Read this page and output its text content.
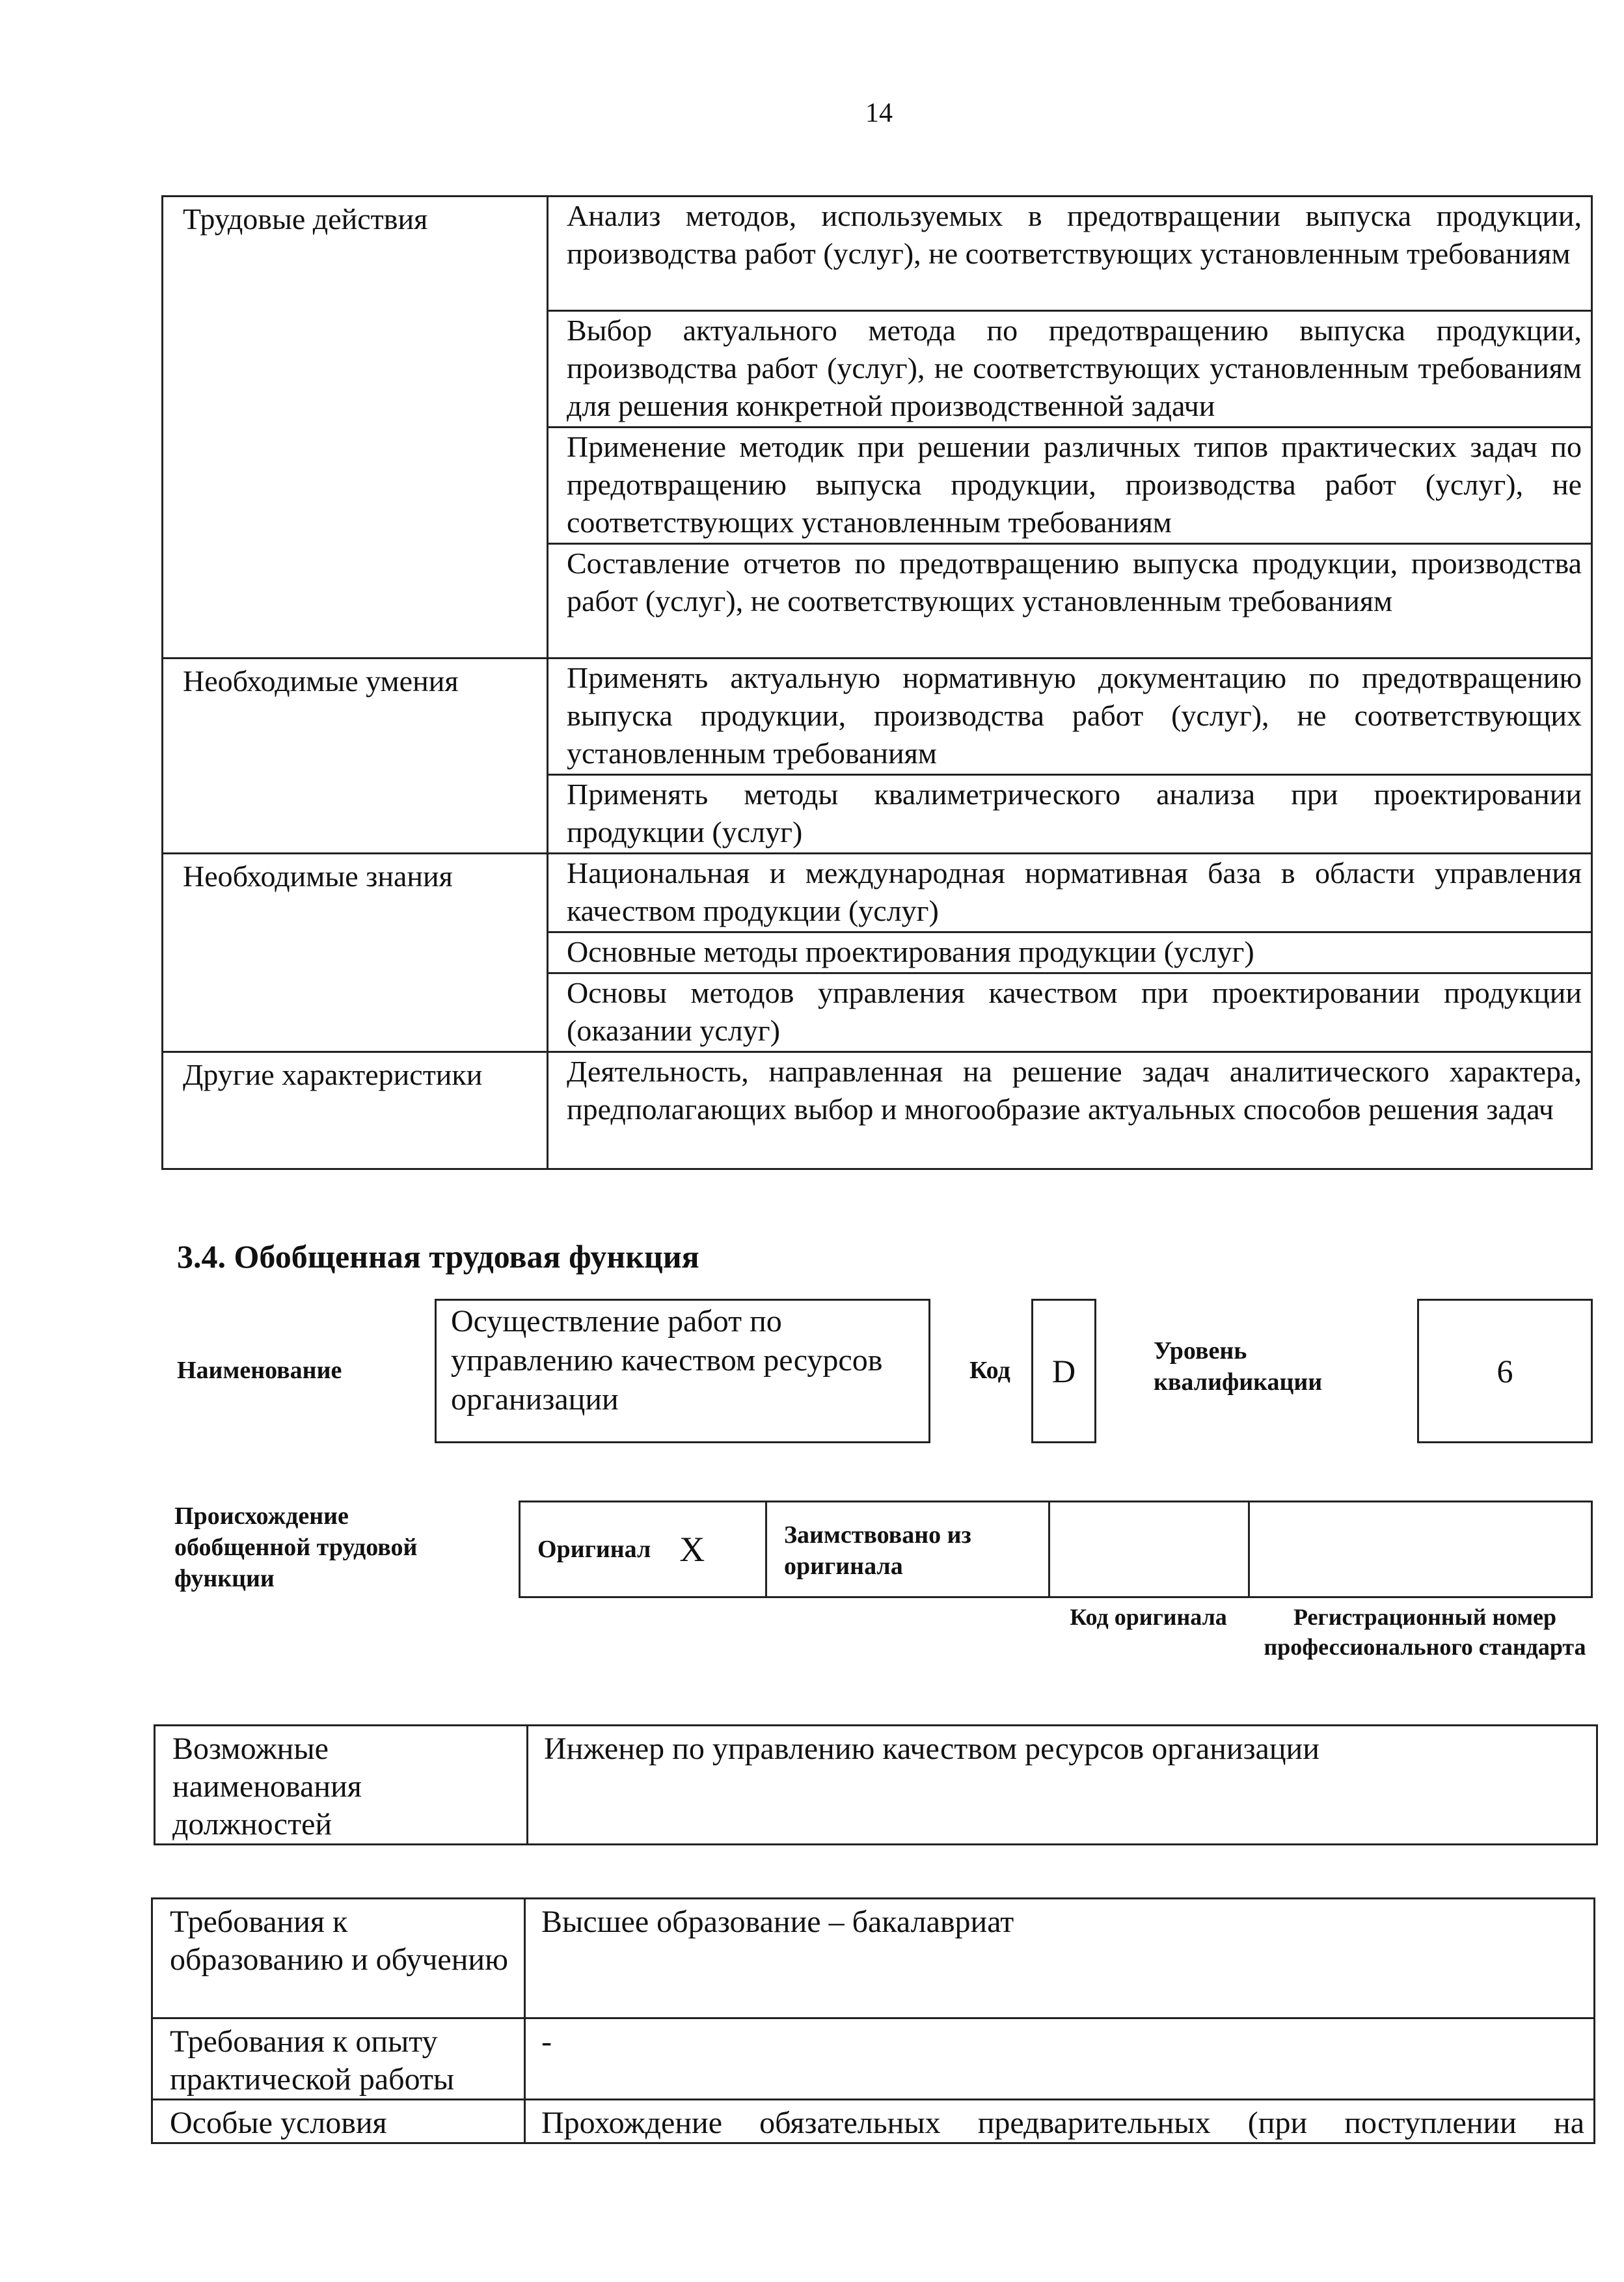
14
Трудовые действия	Анализ методов, используемых в предотвращении выпуска продукции, производства работ (услуг), не соответствующих установленным требованиям
	Выбор актуального метода по предотвращению выпуска продукции, производства работ (услуг), не соответствующих установленным требованиям для решения конкретной производственной задачи
	Применение методик при решении различных типов практических задач по предотвращению выпуска продукции, производства работ (услуг), не соответствующих установленным требованиям
	Составление отчетов по предотвращению выпуска продукции, производства работ (услуг), не соответствующих установленным требованиям
Необходимые умения	Применять актуальную нормативную документацию по предотвращению выпуска продукции, производства работ (услуг), не соответствующих установленным требованиям
	Применять методы квалиметрического анализа при проектировании продукции (услуг)
Необходимые знания	Национальная и международная нормативная база в области управления качеством продукции (услуг)
	Основные методы проектирования продукции (услуг)
	Основы методов управления качеством при проектировании продукции (оказании услуг)
Другие характеристики	Деятельность, направленная на решение задач аналитического характера, предполагающих выбор и многообразие актуальных способов решения задач
3.4. Обобщенная трудовая функция
Наименование
Осуществление работ по управлению качеством ресурсов организации
Код	D
Уровень квалификации	6
Происхождение обобщенной трудовой функции
Оригинал X	Заимствовано из оригинала
Код оригинала	Регистрационный номер профессионального стандарта
Возможные наименования должностей	Инженер по управлению качеством ресурсов организации
Требования к образованию и обучению	Высшее образование – бакалавриат
Требования к опыту практической работы	-
Особые условия	Прохождение обязательных предварительных (при поступлении на
